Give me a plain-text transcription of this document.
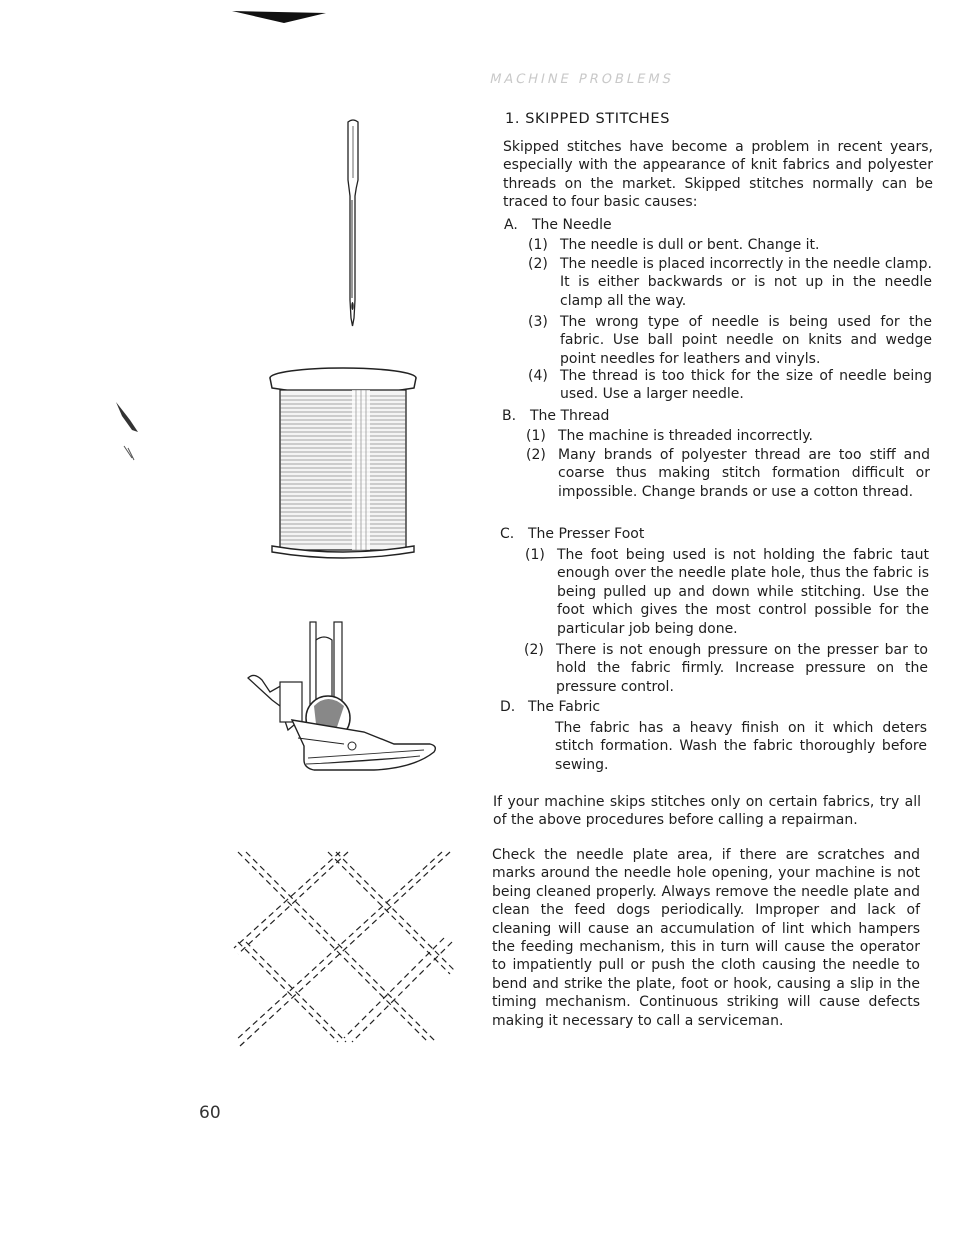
MACHINE PROBLEMS
1. SKIPPED STITCHES
Skipped stitches have become a problem in recent years, especially with the appearance of knit fabrics and polyester threads on the market. Skipped stitches normally can be traced to four basic causes:
A. The Needle
(1) The needle is dull or bent. Change it.
(2) The needle is placed incorrectly in the needle clamp. It is either backwards or is not up in the needle clamp all the way.
(3) The wrong type of needle is being used for the fabric. Use ball point needle on knits and wedge point needles for leathers and vinyls.
(4) The thread is too thick for the size of needle being used. Use a larger needle.
B. The Thread
(1) The machine is threaded incorrectly.
(2) Many brands of polyester thread are too stiff and coarse thus making stitch formation difficult or impossible. Change brands or use a cotton thread.
C. The Presser Foot
(1) The foot being used is not holding the fabric taut enough over the needle plate hole, thus the fabric is being pulled up and down while stitching. Use the foot which gives the most control possible for the particular job being done.
(2) There is not enough pressure on the presser bar to hold the fabric firmly. Increase pressure on the pressure control.
D. The Fabric
The fabric has a heavy finish on it which deters stitch formation. Wash the fabric thoroughly before sewing.
If your machine skips stitches only on certain fabrics, try all of the above procedures before calling a repairman.
Check the needle plate area, if there are scratches and marks around the needle hole opening, your machine is not being cleaned properly. Always remove the needle plate and clean the feed dogs periodically. Improper and lack of cleaning will cause an accumulation of lint which hampers the feeding mechanism, this in turn will cause the operator to impatiently pull or push the cloth causing the needle to bend and strike the plate, foot or hook, causing a slip in the timing mechanism. Continuous striking will cause defects making it necessary to call a serviceman.
60
